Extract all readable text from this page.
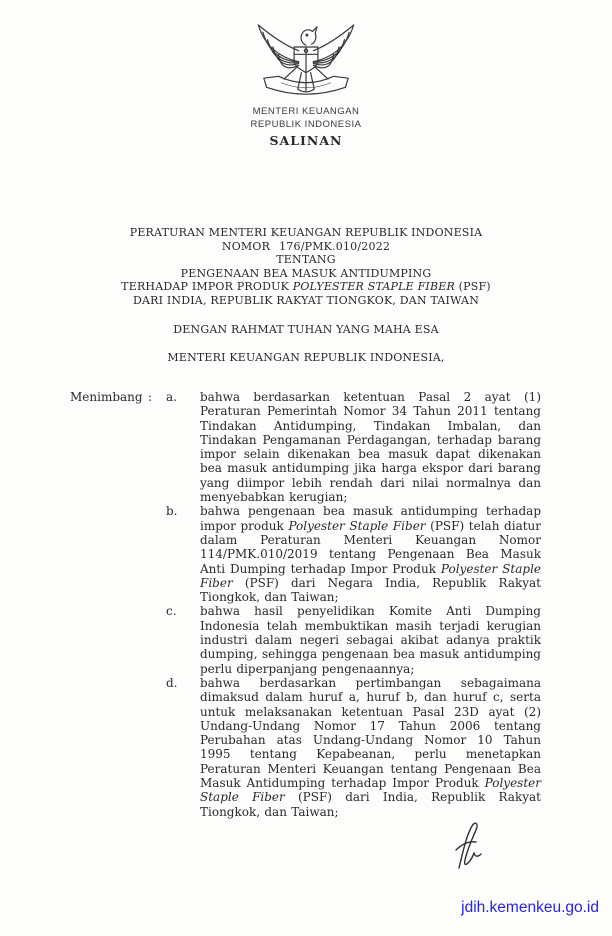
MENTERI KEUANGAN
REPUBLIK INDONESIA
SALINAN
PERATURAN MENTERI KEUANGAN REPUBLIK INDONESIA
NOMOR 176/PMK.010/2022
TENTANG
PENGENAAN BEA MASUK ANTIDUMPING
TERHADAP IMPOR PRODUK POLYESTER STAPLE FIBER (PSF)
DARI INDIA, REPUBLIK RAKYAT TIONGKOK, DAN TAIWAN
DENGAN RAHMAT TUHAN YANG MAHA ESA
MENTERI KEUANGAN REPUBLIK INDONESIA,
Menimbang :	a.	bahwa berdasarkan ketentuan Pasal 2 ayat (1) Peraturan Pemerintah Nomor 34 Tahun 2011 tentang Tindakan Antidumping, Tindakan Imbalan, dan Tindakan Pengamanan Perdagangan, terhadap barang impor selain dikenakan bea masuk dapat dikenakan bea masuk antidumping jika harga ekspor dari barang yang diimpor lebih rendah dari nilai normalnya dan menyebabkan kerugian;
b.	bahwa pengenaan bea masuk antidumping terhadap impor produk Polyester Staple Fiber (PSF) telah diatur dalam Peraturan Menteri Keuangan Nomor 114/PMK.010/2019 tentang Pengenaan Bea Masuk Anti Dumping terhadap Impor Produk Polyester Staple Fiber (PSF) dari Negara India, Republik Rakyat Tiongkok, dan Taiwan;
c.	bahwa hasil penyelidikan Komite Anti Dumping Indonesia telah membuktikan masih terjadi kerugian industri dalam negeri sebagai akibat adanya praktik dumping, sehingga pengenaan bea masuk antidumping perlu diperpanjang pengenaannya;
d.	bahwa berdasarkan pertimbangan sebagaimana dimaksud dalam huruf a, huruf b, dan huruf c, serta untuk melaksanakan ketentuan Pasal 23D ayat (2) Undang-Undang Nomor 17 Tahun 2006 tentang Perubahan atas Undang-Undang Nomor 10 Tahun 1995 tentang Kepabeanan, perlu menetapkan Peraturan Menteri Keuangan tentang Pengenaan Bea Masuk Antidumping terhadap Impor Produk Polyester Staple Fiber (PSF) dari India, Republik Rakyat Tiongkok, dan Taiwan;
jdih.kemenkeu.go.id
